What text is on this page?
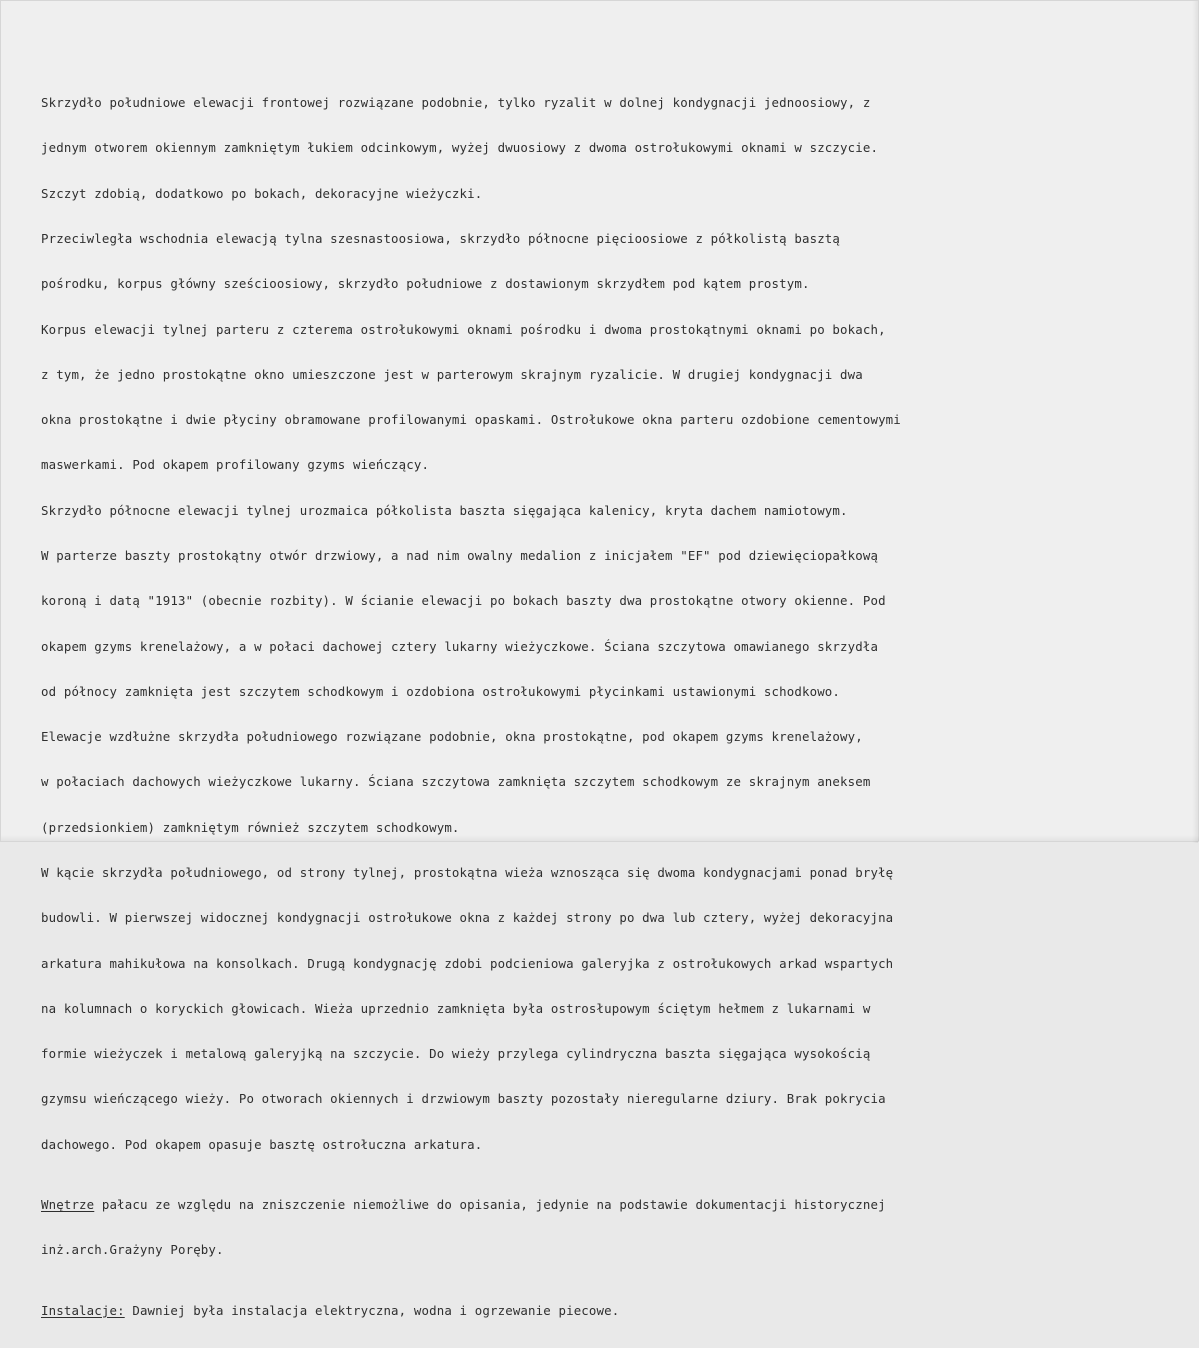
Skrzydło południowe elewacji frontowej rozwiązane podobnie, tylko ryzalit w dolnej kondygnacji jednoosiowy, z

jednym otworem okiennym zamkniętym łukiem odcinkowym, wyżej dwuosiowy z dwoma ostrołukowymi oknami w szczycie.

Szczyt zdobią, dodatkowo po bokach, dekoracyjne wieżyczki.

Przeciwległa wschodnia elewacją tylna szesnastoosiowa, skrzydło północne pięcioosiowe z półkolistą basztą

pośrodku, korpus główny sześcioosiowy, skrzydło południowe z dostawionym skrzydłem pod kątem prostym.

Korpus elewacji tylnej parteru z czterema ostrołukowymi oknami pośrodku i dwoma prostokątnymi oknami po bokach,

z tym, że jedno prostokątne okno umieszczone jest w parterowym skrajnym ryzalicie. W drugiej kondygnacji dwa

okna prostokątne i dwie płyciny obramowane profilowanymi opaskami. Ostrołukowe okna parteru ozdobione cementowymi

maswerkami. Pod okapem profilowany gzyms wieńczący.

Skrzydło północne elewacji tylnej urozmaica półkolista baszta sięgająca kalenicy, kryta dachem namiotowym.

W parterze baszty prostokątny otwór drzwiowy, a nad nim owalny medalion z inicjałem "EF" pod dziewięciopałkową

koroną i datą "1913" (obecnie rozbity). W ścianie elewacji po bokach baszty dwa prostokątne otwory okienne. Pod

okapem gzyms krenelażowy, a w połaci dachowej cztery lukarny wieżyczkowe. Ściana szczytowa omawianego skrzydła

od północy zamknięta jest szczytem schodkowym i ozdobiona ostrołukowymi płycinkami ustawionymi schodkowo.

Elewacje wzdłużne skrzydła południowego rozwiązane podobnie, okna prostokątne, pod okapem gzyms krenelażowy,

w połaciach dachowych wieżyczkowe lukarny. Ściana szczytowa zamknięta szczytem schodkowym ze skrajnym aneksem

(przedsionkiem) zamkniętym również szczytem schodkowym.

W kącie skrzydła południowego, od strony tylnej, prostokątna wieża wznosząca się dwoma kondygnacjami ponad bryłę

budowli. W pierwszej widocznej kondygnacji ostrołukowe okna z każdej strony po dwa lub cztery, wyżej dekoracyjna

arkatura mahikułowa na konsolkach. Drugą kondygnację zdobi podcieniowa galeryjka z ostrołukowych arkad wspartych

na kolumnach o koryckich głowicach. Wieża uprzednio zamknięta była ostrosłupowym ściętym hełmem z lukarnami w

formie wieżyczek i metalową galeryjką na szczycie. Do wieży przylega cylindryczna baszta sięgająca wysokością

gzymsu wieńczącego wieży. Po otworach okiennych i drzwiowym baszty pozostały nieregularne dziury. Brak pokrycia

dachowego. Pod okapem opasuje basztę ostrołuczna arkatura.

Wnętrze pałacu ze względu na zniszczenie niemożliwe do opisania, jedynie na podstawie dokumentacji historycznej

inż.arch.Grażyny Poręby.

Instalacje: Dawniej była instalacja elektryczna, wodna i ogrzewanie piecowe.
